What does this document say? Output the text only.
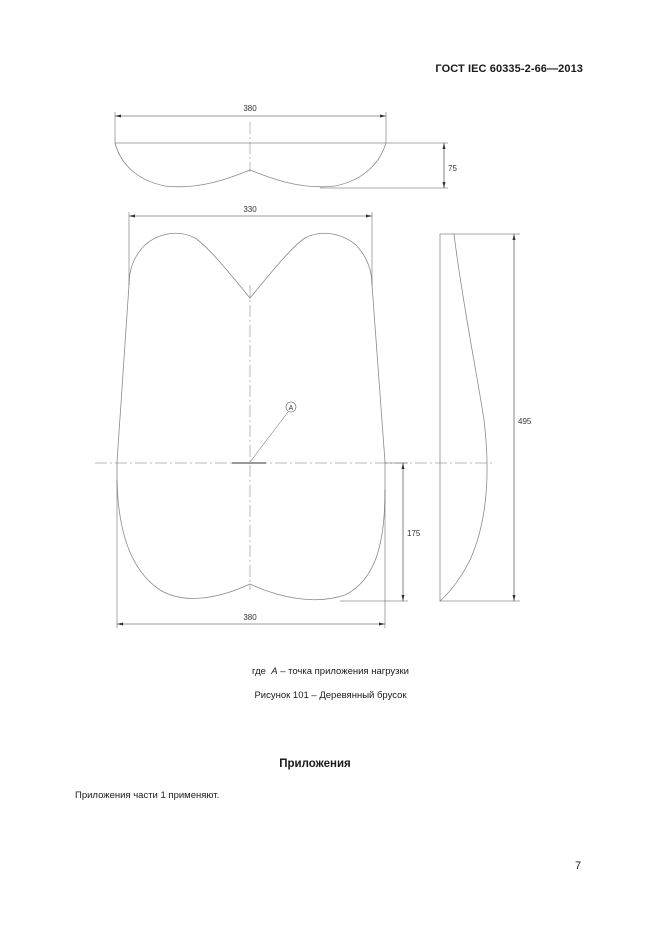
ГОСТ IEC 60335-2-66—2013
380
75
A
330
380
175
495
где A – точка приложения нагрузки
Рисунок 101 – Деревянный брусок
Приложения
Приложения части 1 применяют.
7
